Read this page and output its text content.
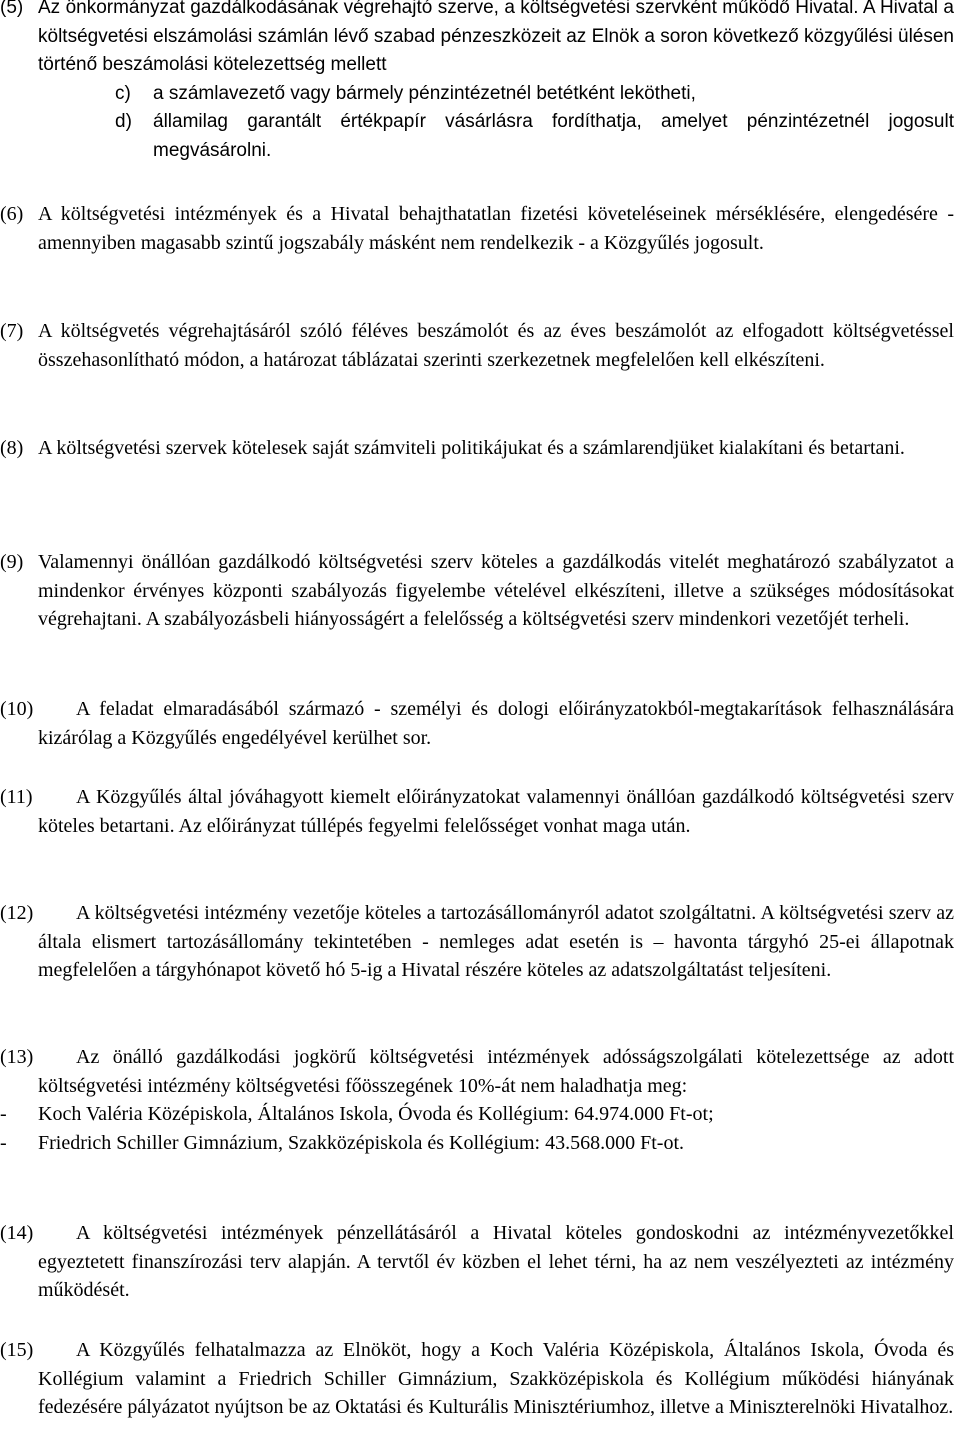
(5) Az önkormányzat gazdálkodásának végrehajtó szerve, a költségvetési szervként működő Hivatal. A Hivatal a költségvetési elszámolási számlán lévő szabad pénzeszközeit az Elnök a soron következő közgyűlési ülésen történő beszámolási kötelezettség mellett
c) a számlavezető vagy bármely pénzintézetnél betétként lekötheti,
d) államilag garantált értékpapír vásárlásra fordíthatja, amelyet pénzintézetnél jogosult megvásárolni.
(6) A költségvetési intézmények és a Hivatal behajthatatlan fizetési követeléseinek mérséklésére, elengedésére - amennyiben magasabb szintű jogszabály másként nem rendelkezik - a Közgyűlés jogosult.
(7) A költségvetés végrehajtásáról szóló féléves beszámolót és az éves beszámolót az elfogadott költségvetéssel összehasonlítható módon, a határozat táblázatai szerinti szerkezetnek megfelelően kell elkészíteni.
(8) A költségvetési szervek kötelesek saját számviteli politikájukat és a számlarendjüket kialakítani és betartani.
(9) Valamennyi önállóan gazdálkodó költségvetési szerv köteles a gazdálkodás vitelét meghatározó szabályzatot a mindenkor érvényes központi szabályozás figyelembe vételével elkészíteni, illetve a szükséges módosításokat végrehajtani. A szabályozásbeli hiányosságért a felelősség a költségvetési szerv mindenkori vezetőjét terheli.
(10)	A feladat elmaradásából származó - személyi és dologi előirányzatokból-megtakarítások felhasználására kizárólag a Közgyűlés engedélyével kerülhet sor.
(11)	A Közgyűlés által jóváhagyott kiemelt előirányzatokat valamennyi önállóan gazdálkodó költségvetési szerv köteles betartani. Az előirányzat túllépés fegyelmi felelősséget vonhat maga után.
(12)	A költségvetési intézmény vezetője köteles a tartozásállományról adatot szolgáltatni. A költségvetési szerv az általa elismert tartozásállomány tekintetében - nemleges adat esetén is – havonta tárgyhó 25-ei állapotnak megfelelően a tárgyhónapot követő hó 5-ig a Hivatal részére köteles az adatszolgáltatást teljesíteni.
(13)	Az önálló gazdálkodási jogkörű költségvetési intézmények adósságszolgálati kötelezettsége az adott költségvetési intézmény költségvetési főösszegének 10%-át nem haladhatja meg:
- Koch Valéria Középiskola, Általános Iskola, Óvoda és Kollégium: 64.974.000 Ft-ot;
- Friedrich Schiller Gimnázium, Szakközépiskola és Kollégium: 43.568.000 Ft-ot.
(14)	A költségvetési intézmények pénzellátásáról a Hivatal köteles gondoskodni az intézményvezetőkkel egyeztetett finanszírozási terv alapján. A tervtől év közben el lehet térni, ha az nem veszélyezteti az intézmény működését.
(15)	A Közgyűlés felhatalmazza az Elnököt, hogy a Koch Valéria Középiskola, Általános Iskola, Óvoda és Kollégium valamint a Friedrich Schiller Gimnázium, Szakközépiskola és Kollégium működési hiányának fedezésére pályázatot nyújtson be az Oktatási és Kulturális Minisztériumhoz, illetve a Miniszterelnöki Hivatalhoz.
